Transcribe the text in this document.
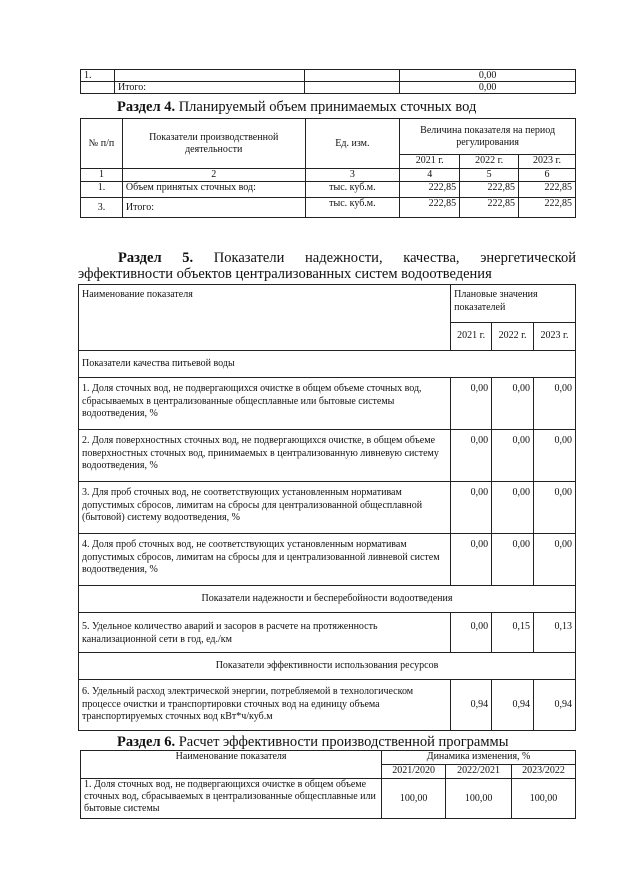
1.			0,00
	Итого:		0,00
Раздел 4. Планируемый объем принимаемых сточных вод
№ п/п	Показатели производственной деятельности	Ед. изм.	Величина показателя на период регулирования		
			2021 г.	2022 г.	2023 г.
1	2	3	4	5	6
1.	Объем принятых сточных вод:	тыс. куб.м.	222,85	222,85	222,85
3.	Итого:	тыс. куб.м.	222,85	222,85	222,85
Раздел 5. Показатели надежности, качества, энергетической
эффективности объектов централизованных систем водоотведения
Наименование показателя	Плановые значения показателей		
	2021 г.	2022 г.	2023 г.
Показатели качества питьевой воды			
1. Доля сточных вод, не подвергающихся очистке в общем объеме сточных вод, сбрасываемых в централизованные общесплавные или бытовые системы водоотведения, %	0,00	0,00	0,00
2. Доля поверхностных сточных вод, не подвергающихся очистке, в общем объеме поверхностных сточных вод, принимаемых в централизованную ливневую систему водоотведения, %	0,00	0,00	0,00
3. Для проб сточных вод, не соответствующих установленным нормативам допустимых сбросов, лимитам на сбросы для централизованной общесплавной (бытовой) систему водоотведения, %	0,00	0,00	0,00
4. Доля проб сточных вод, не соответствующих установленным нормативам допустимых сбросов, лимитам на сбросы для и централизованной ливневой систем водоотведения, %	0,00	0,00	0,00
Показатели надежности и бесперебойности водоотведения			
5. Удельное количество аварий и засоров в расчете на протяженность канализационной сети в год, ед./км	0,00	0,15	0,13
Показатели эффективности использования ресурсов			
6. Удельный расход электрической энергии, потребляемой в технологическом процессе очистки и транспортировки сточных вод на единицу объема транспортируемых сточных вод кВт*ч/куб.м	0,94	0,94	0,94
Раздел 6. Расчет эффективности производственной программы
Наименование показателя	Динамика изменения, %		
	2021/2020	2022/2021	2023/2022
1. Доля сточных вод, не подвергающихся очистке в общем объеме сточных вод, сбрасываемых в централизованные общесплавные или бытовые системы	100,00	100,00	100,00
